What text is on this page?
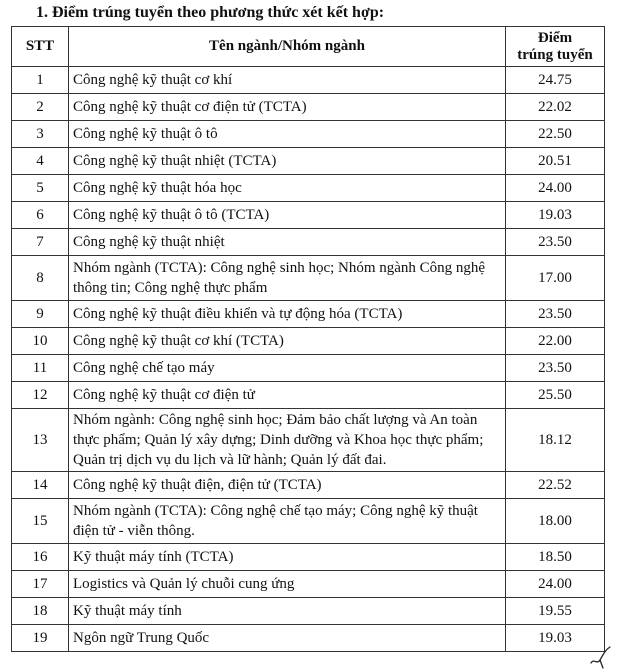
1. Điểm trúng tuyển theo phương thức xét kết hợp:
STT	Tên ngành/Nhóm ngành	Điểm
trúng tuyển
1	Công nghệ kỹ thuật cơ khí	24.75
2	Công nghệ kỹ thuật cơ điện tử (TCTA)	22.02
3	Công nghệ kỹ thuật ô tô	22.50
4	Công nghệ kỹ thuật nhiệt (TCTA)	20.51
5	Công nghệ kỹ thuật hóa học	24.00
6	Công nghệ kỹ thuật ô tô (TCTA)	19.03
7	Công nghệ kỹ thuật nhiệt	23.50
8	Nhóm ngành (TCTA): Công nghệ sinh học; Nhóm ngành Công nghệ thông tin; Công nghệ thực phẩm	17.00
9	Công nghệ kỹ thuật điều khiển và tự động hóa (TCTA)	23.50
10	Công nghệ kỹ thuật cơ khí (TCTA)	22.00
11	Công nghệ chế tạo máy	23.50
12	Công nghệ kỹ thuật cơ điện tử	25.50
13	Nhóm ngành: Công nghệ sinh học; Đảm bảo chất lượng và An toàn thực phẩm; Quản lý xây dựng; Dinh dưỡng và Khoa học thực phẩm; Quản trị dịch vụ du lịch và lữ hành; Quản lý đất đai.	18.12
14	Công nghệ kỹ thuật điện, điện tử (TCTA)	22.52
15	Nhóm ngành (TCTA): Công nghệ chế tạo máy; Công nghệ kỹ thuật điện tử - viễn thông.	18.00
16	Kỹ thuật máy tính (TCTA)	18.50
17	Logistics và Quản lý chuỗi cung ứng	24.00
18	Kỹ thuật máy tính	19.55
19	Ngôn ngữ Trung Quốc	19.03
